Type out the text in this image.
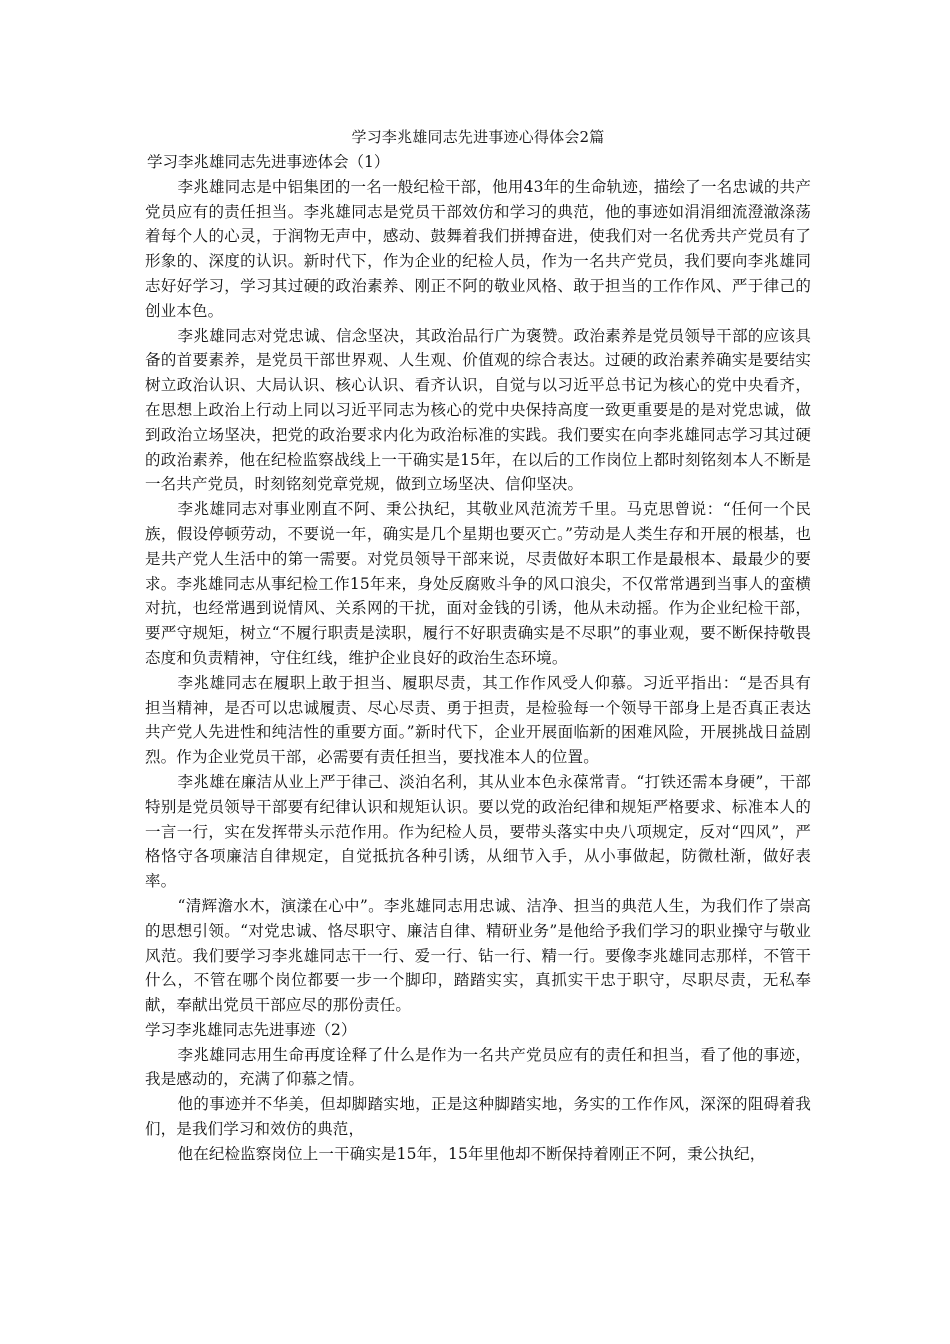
学习李兆雄同志先进事迹心得体会2篇

学习李兆雄同志先进事迹体会（1）

李兆雄同志是中铝集团的一名一般纪检干部，他用43年的生命轨迹，描绘了一名忠诚的共产党员应有的责任担当。李兆雄同志是党员干部效仿和学习的典范，他的事迹如涓涓细流澄澈涤荡着每个人的心灵，于润物无声中，感动、鼓舞着我们拼搏奋进，使我们对一名优秀共产党员有了形象的、深度的认识。新时代下，作为企业的纪检人员，作为一名共产党员，我们要向李兆雄同志好好学习，学习其过硬的政治素养、刚正不阿的敬业风格、敢于担当的工作作风、严于律己的创业本色。

李兆雄同志对党忠诚、信念坚决，其政治品行广为褒赞。政治素养是党员领导干部的应该具备的首要素养，是党员干部世界观、人生观、价值观的综合表达。过硬的政治素养确实是要结实树立政治认识、大局认识、核心认识、看齐认识，自觉与以习近平总书记为核心的党中央看齐，在思想上政治上行动上同以习近平同志为核心的党中央保持高度一致更重要是的是对党忠诚，做到政治立场坚决，把党的政治要求内化为政治标准的实践。我们要实在向李兆雄同志学习其过硬的政治素养，他在纪检监察战线上一干确实是15年，在以后的工作岗位上都时刻铭刻本人不断是一名共产党员，时刻铭刻党章党规，做到立场坚决、信仰坚决。

李兆雄同志对事业刚直不阿、秉公执纪，其敬业风范流芳千里。马克思曾说：“任何一个民族，假设停顿劳动，不要说一年，确实是几个星期也要灭亡。”劳动是人类生存和开展的根基，也是共产党人生活中的第一需要。对党员领导干部来说，尽责做好本职工作是最根本、最最少的要求。李兆雄同志从事纪检工作15年来，身处反腐败斗争的风口浪尖，不仅常常遇到当事人的蛮横对抗，也经常遇到说情风、关系网的干扰，面对金钱的引诱，他从未动摇。作为企业纪检干部，要严守规矩，树立“不履行职责是渎职，履行不好职责确实是不尽职”的事业观，要不断保持敬畏态度和负责精神，守住红线，维护企业良好的政治生态环境。

李兆雄同志在履职上敢于担当、履职尽责，其工作作风受人仰慕。习近平指出：“是否具有担当精神，是否可以忠诚履责、尽心尽责、勇于担责，是检验每一个领导干部身上是否真正表达共产党人先进性和纯洁性的重要方面。”新时代下，企业开展面临新的困难风险，开展挑战日益剧烈。作为企业党员干部，必需要有责任担当，要找准本人的位置。

李兆雄在廉洁从业上严于律己、淡泊名利，其从业本色永葆常青。“打铁还需本身硬”，干部特别是党员领导干部要有纪律认识和规矩认识。要以党的政治纪律和规矩严格要求、标准本人的一言一行，实在发挥带头示范作用。作为纪检人员，要带头落实中央八项规定，反对“四风”，严格恪守各项廉洁自律规定，自觉抵抗各种引诱，从细节入手，从小事做起，防微杜渐，做好表率。

“清辉澹水木，演漾在心中”。李兆雄同志用忠诚、洁净、担当的典范人生，为我们作了崇高的思想引领。“对党忠诚、恪尽职守、廉洁自律、精研业务”是他给予我们学习的职业操守与敬业风范。我们要学习李兆雄同志干一行、爱一行、钻一行、精一行。要像李兆雄同志那样，不管干什么，不管在哪个岗位都要一步一个脚印，踏踏实实，真抓实干忠于职守，尽职尽责，无私奉献，奉献出党员干部应尽的那份责任。

学习李兆雄同志先进事迹（2）

李兆雄同志用生命再度诠释了什么是作为一名共产党员应有的责任和担当，看了他的事迹，我是感动的，充满了仰慕之情。

他的事迹并不华美，但却脚踏实地，正是这种脚踏实地，务实的工作作风，深深的阻碍着我们，是我们学习和效仿的典范，

他在纪检监察岗位上一干确实是15年，15年里他却不断保持着刚正不阿，秉公执纪，
